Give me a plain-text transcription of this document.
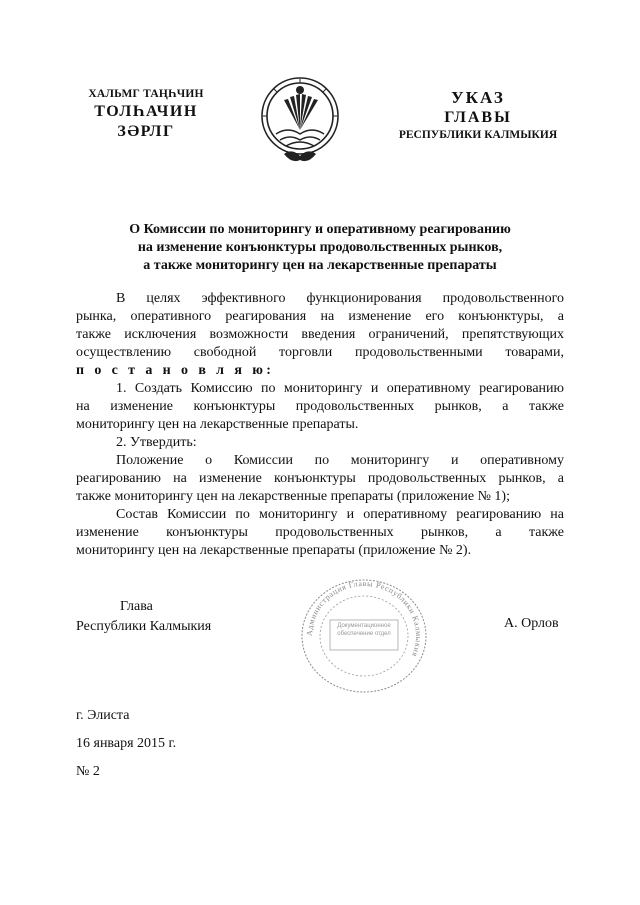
ХАЛЬМГ ТАҢҺЧИН
ТОЛҺАЧИН
ЗӘРЛГ
УКАЗ
ГЛАВЫ
РЕСПУБЛИКИ КАЛМЫКИЯ
О Комиссии по мониторингу и оперативному реагированию
на изменение конъюнктуры продовольственных рынков,
а также мониторингу цен на лекарственные препараты
В целях эффективного функционирования продовольственного
рынка, оперативного реагирования на изменение его конъюнктуры, а
также исключения возможности введения ограничений, препятствующих
осуществлению свободной торговли продовольственными товарами,
п о с т а н о в л я ю:
1. Создать Комиссию по мониторингу и оперативному реагированию
на изменение конъюнктуры продовольственных рынков, а также
мониторингу цен на лекарственные препараты.
2. Утвердить:
Положение о Комиссии по мониторингу и оперативному
реагированию на изменение конъюнктуры продовольственных рынков, а
также мониторингу цен на лекарственные препараты (приложение № 1);
Состав Комиссии по мониторингу и оперативному реагированию на
изменение конъюнктуры продовольственных рынков, а также
мониторингу цен на лекарственные препараты (приложение № 2).
Глава
Республики Калмыкия	Администрация Главы Республики Калмыкия
Документационное обеспечение отдел
А. Орлов
г. Элиста
16 января 2015 г.
№ 2
